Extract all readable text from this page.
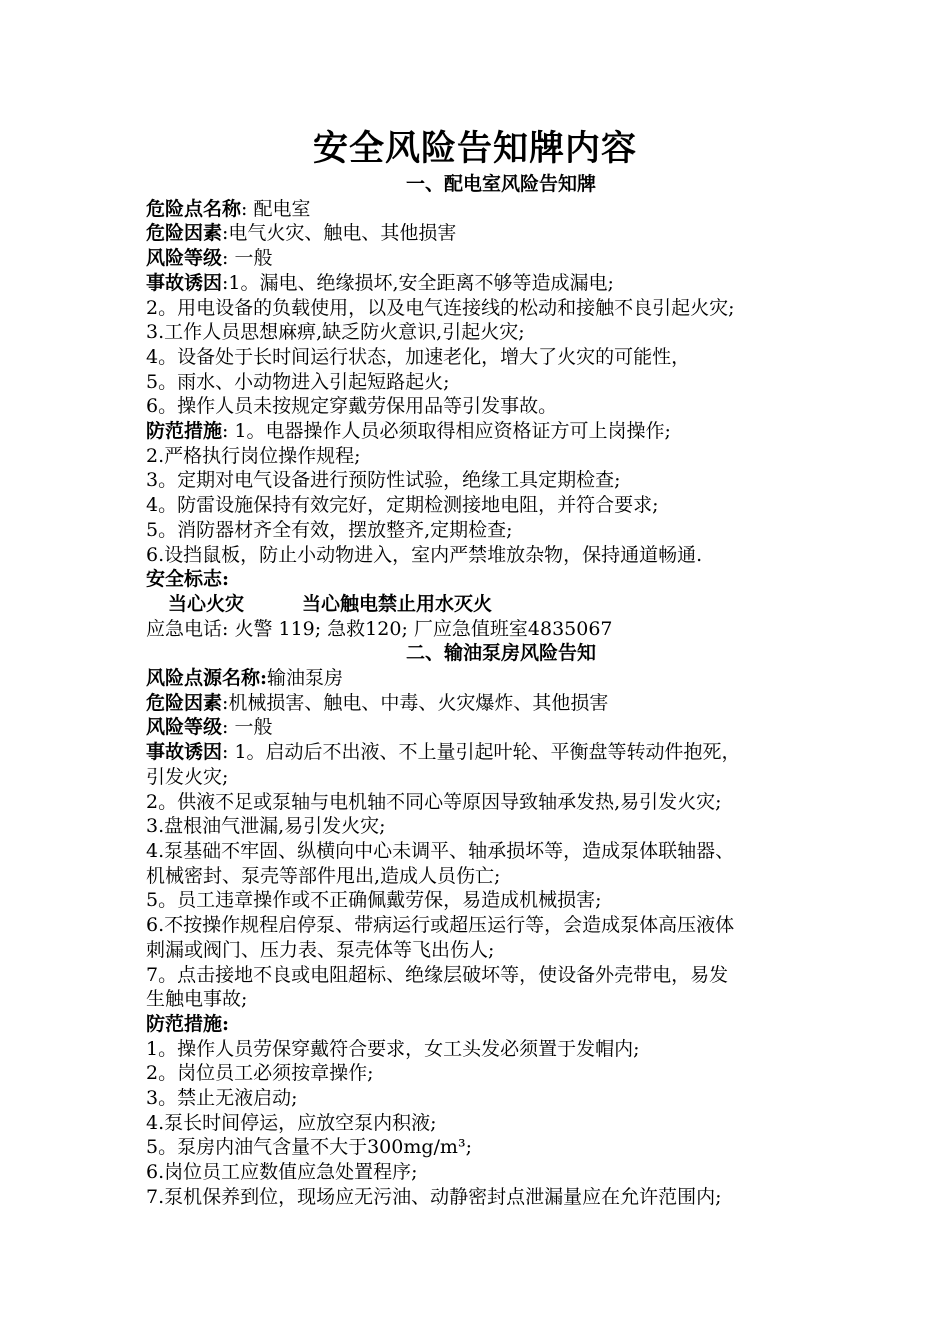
安全风险告知牌内容
一、配电室风险告知牌
危险点名称: 配电室
危险因素:电气火灾、触电、其他损害
风险等级: 一般
事故诱因:1。漏电、绝缘损坏,安全距离不够等造成漏电;
2。用电设备的负载使用，以及电气连接线的松动和接触不良引起火灾;
3.工作人员思想麻痹,缺乏防火意识,引起火灾;
4。设备处于长时间运行状态，加速老化，增大了火灾的可能性，
5。雨水、小动物进入引起短路起火;
6。操作人员未按规定穿戴劳保用品等引发事故。
防范措施: 1。电器操作人员必须取得相应资格证方可上岗操作;
2.严格执行岗位操作规程;
3。定期对电气设备进行预防性试验，绝缘工具定期检查;
4。防雷设施保持有效完好，定期检测接地电阻，并符合要求;
5。消防器材齐全有效，摆放整齐,定期检查;
6.设挡鼠板，防止小动物进入，室内严禁堆放杂物，保持通道畅通.
安全标志:
当心火灾	当心触电禁止用水灭火
应急电话: 火警 119; 急救120; 厂应急值班室4835067
二、输油泵房风险告知
风险点源名称:输油泵房
危险因素:机械损害、触电、中毒、火灾爆炸、其他损害
风险等级: 一般
事故诱因: 1。启动后不出液、不上量引起叶轮、平衡盘等转动件抱死，
引发火灾;
2。供液不足或泵轴与电机轴不同心等原因导致轴承发热,易引发火灾;
3.盘根油气泄漏,易引发火灾;
4.泵基础不牢固、纵横向中心未调平、轴承损坏等，造成泵体联轴器、
机械密封、泵壳等部件甩出,造成人员伤亡;
5。员工违章操作或不正确佩戴劳保，易造成机械损害;
6.不按操作规程启停泵、带病运行或超压运行等，会造成泵体高压液体
刺漏或阀门、压力表、泵壳体等飞出伤人;
7。点击接地不良或电阻超标、绝缘层破坏等，使设备外壳带电，易发
生触电事故;
防范措施:
1。操作人员劳保穿戴符合要求，女工头发必须置于发帽内;
2。岗位员工必须按章操作;
3。禁止无液启动;
4.泵长时间停运，应放空泵内积液;
5。泵房内油气含量不大于300mg/m³;
6.岗位员工应数值应急处置程序;
7.泵机保养到位，现场应无污油、动静密封点泄漏量应在允许范围内;
